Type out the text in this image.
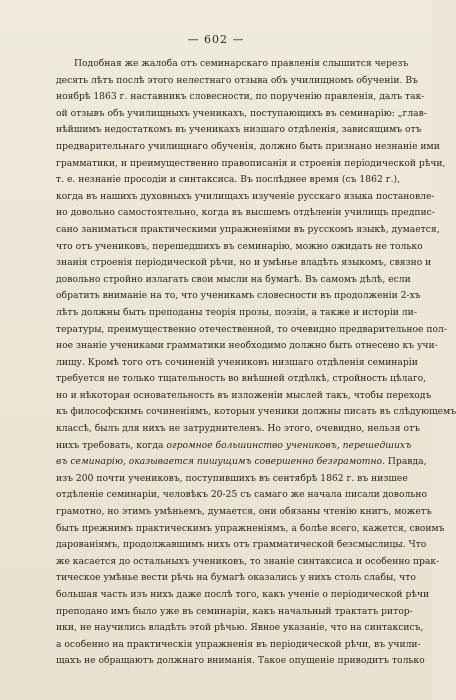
— 602 —
Подобная же жалоба отъ семинарскаго правленія слышится черезъ
десять лѣтъ послѣ этого нелестнаго отзыва объ училищномъ обученіи. Въ
ноябрѣ 1863 г. наставникъ словесности, по порученію правленія, далъ так-
ой отзывъ объ училищныхъ ученикахъ, поступающихъ въ семинарію: „глав-
нѣйшимъ недостаткомъ въ ученикахъ низшаго отдѣленія, зависящимъ отъ
предварительнаго училищнаго обученія, должно быть признано незнаніе ими
грамматики, и преимущественно правописанія и строенія періодической рѣчи,
т. е. незнаніе просодіи и синтаксиса. Въ послѣднее время (съ 1862 г.),
когда въ нашихъ духовныхъ училищахъ изученіе русскаго языка постановле-
но довольно самостоятельно, когда въ высшемъ отдѣленіи училищъ предпис-
сано заниматься практическими упражненіями въ русскомъ языкѣ, думается,
что отъ учениковъ, перешедшихъ въ семинарію, можно ожидать не только
знанія строенія періодической рѣчи, но и умѣнье владѣть языкомъ, связно и
довольно стройно излагать свои мысли на бумагѣ. Въ самомъ дѣлѣ, если
обратить вниманіе на то, что ученикамъ словесности въ продолженіи 2-хъ
лѣтъ должны быть преподаны теорія прозы, поэзіи, а также и исторіи ли-
тературы, преимущественно отечественной, то очевидно предварительное пол-
ное знаніе учениками грамматики необходимо должно быть отнесено къ учи-
лищу. Кромѣ того отъ сочиненій учениковъ низшаго отдѣленія семинаріи
требуется не только тщательность во внѣшней отдѣлкѣ, стройность цѣлаго,
но и нѣкоторая основательность въ изложеніи мыслей такъ, чтобы переходъ
къ философскимъ сочиненіямъ, которыя ученики должны писать въ слѣдующемъ
классѣ, былъ для нихъ не затруднителенъ. Но этого, очевидно, нельзя отъ
нихъ требовать, когда огромное большинство учениковъ, перешедшихъ
въ семинарію, оказывается пишущимъ совершенно безграмотно. Правда,
изъ 200 почти учениковъ, поступившихъ въ сентябрѣ 1862 г. въ низшее
отдѣленіе семинаріи, человѣкъ 20-25 съ самаго же начала писали довольно
грамотно, но этимъ умѣньемъ, думается, они обязаны чтенію книгъ, можетъ
быть прежнимъ практическимъ упражненіямъ, а болѣе всего, кажется, своимъ
дарованіямъ, продолжавшимъ нихъ отъ грамматической безсмыслицы. Что
же касается до остальныхъ учениковъ, то знаніе синтаксиса и особенно прак-
тическое умѣнье вести рѣчь на бумагѣ оказались у нихъ столь слабы, что
большая часть изъ нихъ даже послѣ того, какъ ученіе о періодической рѣчи
преподано имъ было уже въ семинаріи, какъ начальный трактатъ ритор-
ики, не научились владѣть этой рѣчью. Явное указаніе, что на синтаксисъ,
а особенно на практическія упражненія въ періодической рѣчи, въ учили-
щахъ не обращаютъ должнаго вниманія. Такое опущеніе приводитъ только
